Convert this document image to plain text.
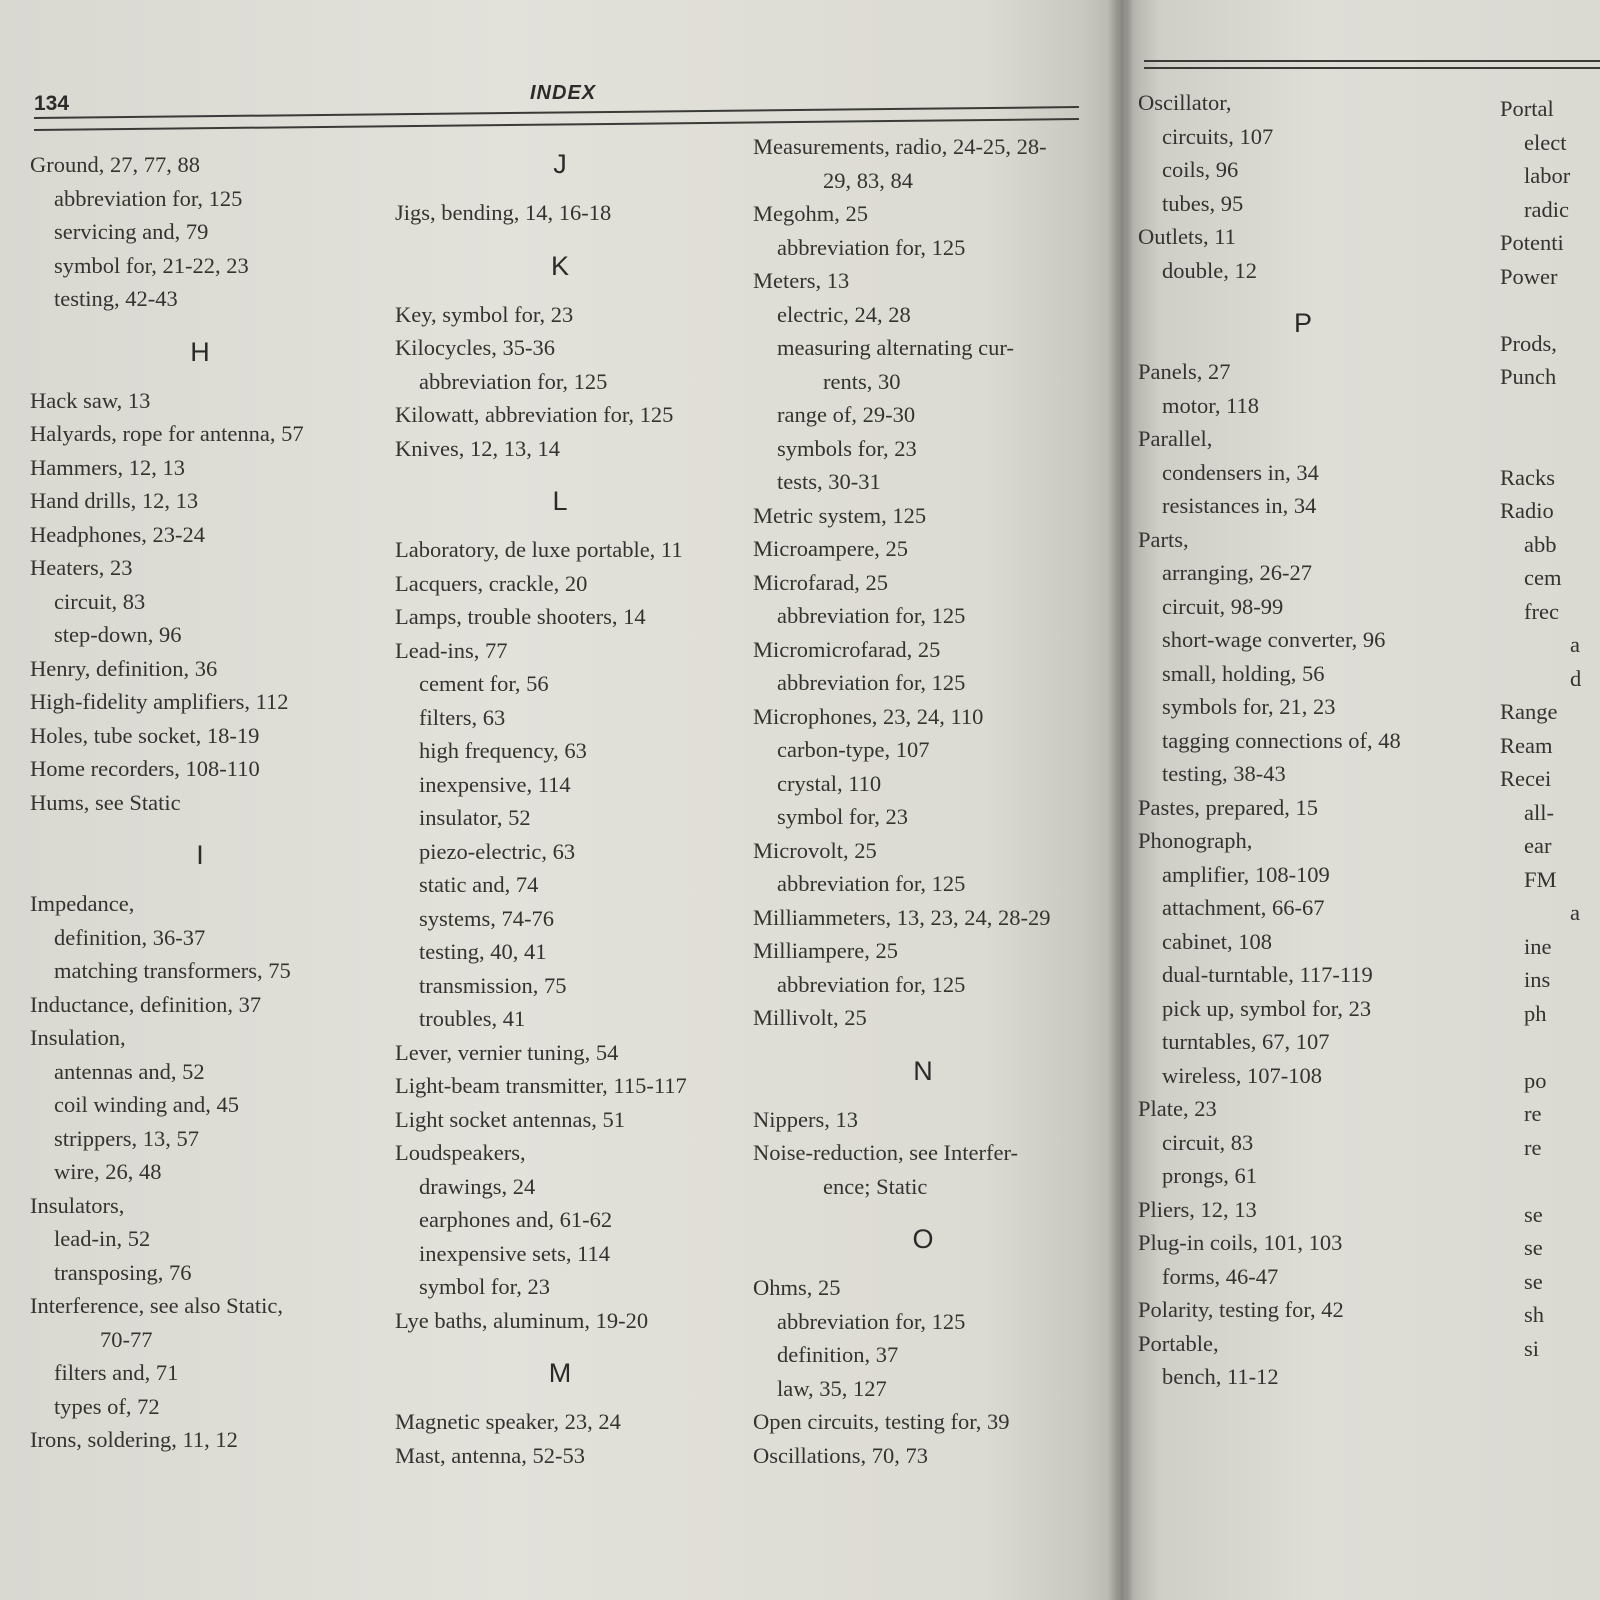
134	INDEX
Ground, 27, 77, 88
abbreviation for, 125
servicing and, 79
symbol for, 21-22, 23
testing, 42-43
H
Hack saw, 13
Halyards, rope for antenna, 57
Hammers, 12, 13
Hand drills, 12, 13
Headphones, 23-24
Heaters, 23
circuit, 83
step-down, 96
Henry, definition, 36
High-fidelity amplifiers, 112
Holes, tube socket, 18-19
Home recorders, 108-110
Hums, see Static
I
Impedance,
definition, 36-37
matching transformers, 75
Inductance, definition, 37
Insulation,
antennas and, 52
coil winding and, 45
strippers, 13, 57
wire, 26, 48
Insulators,
lead-in, 52
transposing, 76
Interference, see also Static,
70-77
filters and, 71
types of, 72
Irons, soldering, 11, 12
J
Jigs, bending, 14, 16-18
K
Key, symbol for, 23
Kilocycles, 35-36
abbreviation for, 125
Kilowatt, abbreviation for, 125
Knives, 12, 13, 14
L
Laboratory, de luxe portable, 11
Lacquers, crackle, 20
Lamps, trouble shooters, 14
Lead-ins, 77
cement for, 56
filters, 63
high frequency, 63
inexpensive, 114
insulator, 52
piezo-electric, 63
static and, 74
systems, 74-76
testing, 40, 41
transmission, 75
troubles, 41
Lever, vernier tuning, 54
Light-beam transmitter, 115-117
Light socket antennas, 51
Loudspeakers,
drawings, 24
earphones and, 61-62
inexpensive sets, 114
symbol for, 23
Lye baths, aluminum, 19-20
M
Magnetic speaker, 23, 24
Mast, antenna, 52-53
Measurements, radio, 24-25, 28-
29, 83, 84
Megohm, 25
abbreviation for, 125
Meters, 13
electric, 24, 28
measuring alternating cur-
rents, 30
range of, 29-30
symbols for, 23
tests, 30-31
Metric system, 125
Microampere, 25
Microfarad, 25
abbreviation for, 125
Micromicrofarad, 25
abbreviation for, 125
Microphones, 23, 24, 110
carbon-type, 107
crystal, 110
symbol for, 23
Microvolt, 25
abbreviation for, 125
Milliammeters, 13, 23, 24, 28-29
Milliampere, 25
abbreviation for, 125
Millivolt, 25
N
Nippers, 13
Noise-reduction, see Interfer-
ence; Static
O
Ohms, 25
abbreviation for, 125
definition, 37
law, 35, 127
Open circuits, testing for, 39
Oscillations, 70, 73
Oscillator,
circuits, 107
coils, 96
tubes, 95
Outlets, 11
double, 12
P
Panels, 27
motor, 118
Parallel,
condensers in, 34
resistances in, 34
Parts,
arranging, 26-27
circuit, 98-99
short-wage converter, 96
small, holding, 56
symbols for, 21, 23
tagging connections of, 48
testing, 38-43
Pastes, prepared, 15
Phonograph,
amplifier, 108-109
attachment, 66-67
cabinet, 108
dual-turntable, 117-119
pick up, symbol for, 23
turntables, 67, 107
wireless, 107-108
Plate, 23
circuit, 83
prongs, 61
Pliers, 12, 13
Plug-in coils, 101, 103
forms, 46-47
Polarity, testing for, 42
Portable,
bench, 11-12
Portal
elect
labor
radic
Potenti
Power
Prods,
Punch
Racks
Radio
abb
cem
frec
a
d
Range
Ream
Recei
all-
ear
FM
a
ine
ins
ph
po
re
re
se
se
se
sh
si
